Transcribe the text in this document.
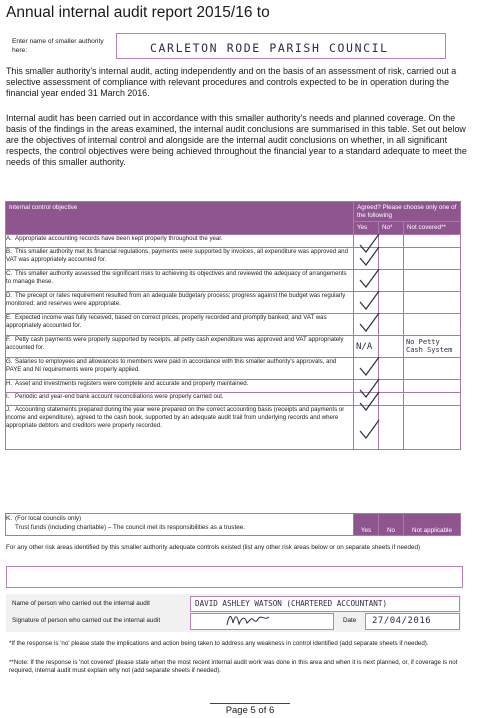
Annual internal audit report 2015/16 to
Enter name of smaller authority here:	CARLETON RODE PARISH COUNCIL
This smaller authority's internal audit, acting independently and on the basis of an assessment of risk, carried out a selective assessment of compliance with relevant procedures and controls expected to be in operation during the financial year ended 31 March 2016.
Internal audit has been carried out in accordance with this smaller authority's needs and planned coverage. On the basis of the findings in the areas examined, the internal audit conclusions are summarised in this table. Set out below are the objectives of internal control and alongside are the internal audit conclusions on whether, in all significant respects, the control objectives were being achieved throughout the financial year to a standard adequate to meet the needs of this smaller authority.
Internal control objective	Agreed? Please choose only one of the following		
	Yes	No*	Not covered**
A. Appropriate accounting records have been kept properly throughout the year.	

B. This smaller authority met its financial regulations, payments were supported by invoices, all expenditure was approved and VAT was appropriately accounted for.	

C. This smaller authority assessed the significant risks to achieving its objectives and reviewed the adequacy of arrangements to manage these.	

D. The precept or rates requirement resulted from an adequate budgetary process; progress against the budget was regularly monitored; and reserves were appropriate.	

E. Expected income was fully received, based on correct prices, properly recorded and promptly banked; and VAT was appropriately accounted for.	

F. Petty cash payments were properly supported by receipts, all petty cash expenditure was approved and VAT appropriately accounted for.	N/A		No Petty Cash System

G. Salaries to employees and allowances to members were paid in accordance with this smaller authority's approvals, and PAYE and NI requirements were properly applied.	

H. Asset and investments registers were complete and accurate and properly maintained.	

I. Periodic and year-end bank account reconciliations were properly carried out.	

J. Accounting statements prepared during the year were prepared on the correct accounting basis (receipts and payments or income and expenditure), agreed to the cash book, supported by an adequate audit trail from underlying records and where appropriate debtors and creditors were properly recorded.	

K. (For local councils only)
Trust funds (including charitable) – The council met its responsibilities as a trustee.	Yes	No	Not applicable
For any other risk areas identified by this smaller authority adequate controls existed (list any other risk areas below or on separate sheets if needed)
Name of person who carried out the internal audit	DAVID ASHLEY WATSON (CHARTERED ACCOUNTANT)
Signature of person who carried out the internal audit	Date 27/04/2016
*If the response is 'no' please state the implications and action being taken to address any weakness in control identified (add separate sheets if needed).
**Note: If the response is 'not covered' please state when the most recent internal audit work was done in this area and when it is next planned, or, if coverage is not required, internal audit must explain why not (add separate sheets if needed).
Page 5 of 6
